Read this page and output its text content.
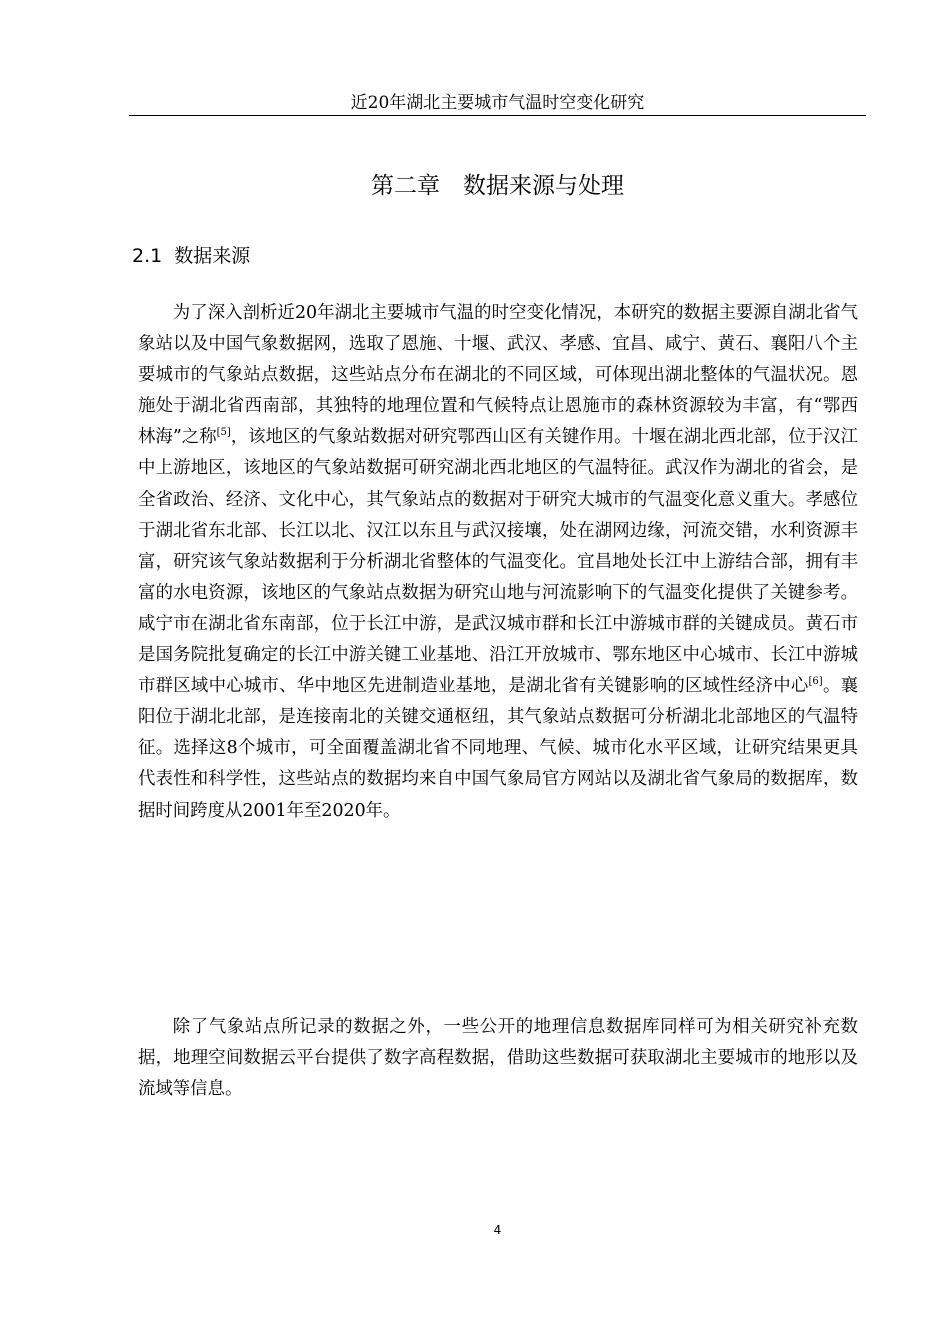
近20年湖北主要城市气温时空变化研究
第二章　数据来源与处理
2.1  数据来源

为了深入剖析近20年湖北主要城市气温的时空变化情况，本研究的数据主要源自湖北省气象站以及中国气象数据网，选取了恩施、十堰、武汉、孝感、宜昌、咸宁、黄石、襄阳八个主要城市的气象站点数据，这些站点分布在湖北的不同区域，可体现出湖北整体的气温状况。恩施处于湖北省西南部，其独特的地理位置和气候特点让恩施市的森林资源较为丰富，有“鄂西林海”之称[5]，该地区的气象站数据对研究鄂西山区有关键作用。十堰在湖北西北部，位于汉江中上游地区，该地区的气象站数据可研究湖北西北地区的气温特征。武汉作为湖北的省会，是全省政治、经济、文化中心，其气象站点的数据对于研究大城市的气温变化意义重大。孝感位于湖北省东北部、长江以北、汉江以东且与武汉接壤，处在湖网边缘，河流交错，水利资源丰富，研究该气象站数据利于分析湖北省整体的气温变化。宜昌地处长江中上游结合部，拥有丰富的水电资源，该地区的气象站点数据为研究山地与河流影响下的气温变化提供了关键参考。咸宁市在湖北省东南部，位于长江中游，是武汉城市群和长江中游城市群的关键成员。黄石市是国务院批复确定的长江中游关键工业基地、沿江开放城市、鄂东地区中心城市、长江中游城市群区域中心城市、华中地区先进制造业基地，是湖北省有关键影响的区域性经济中心[6]。襄阳位于湖北北部，是连接南北的关键交通枢纽，其气象站点数据可分析湖北北部地区的气温特征。选择这8个城市，可全面覆盖湖北省不同地理、气候、城市化水平区域，让研究结果更具代表性和科学性，这些站点的数据均来自中国气象局官方网站以及湖北省气象局的数据库，数据时间跨度从2001年至2020年。

除了气象站点所记录的数据之外，一些公开的地理信息数据库同样可为相关研究补充数据，地理空间数据云平台提供了数字高程数据，借助这些数据可获取湖北主要城市的地形以及流域等信息。

4
